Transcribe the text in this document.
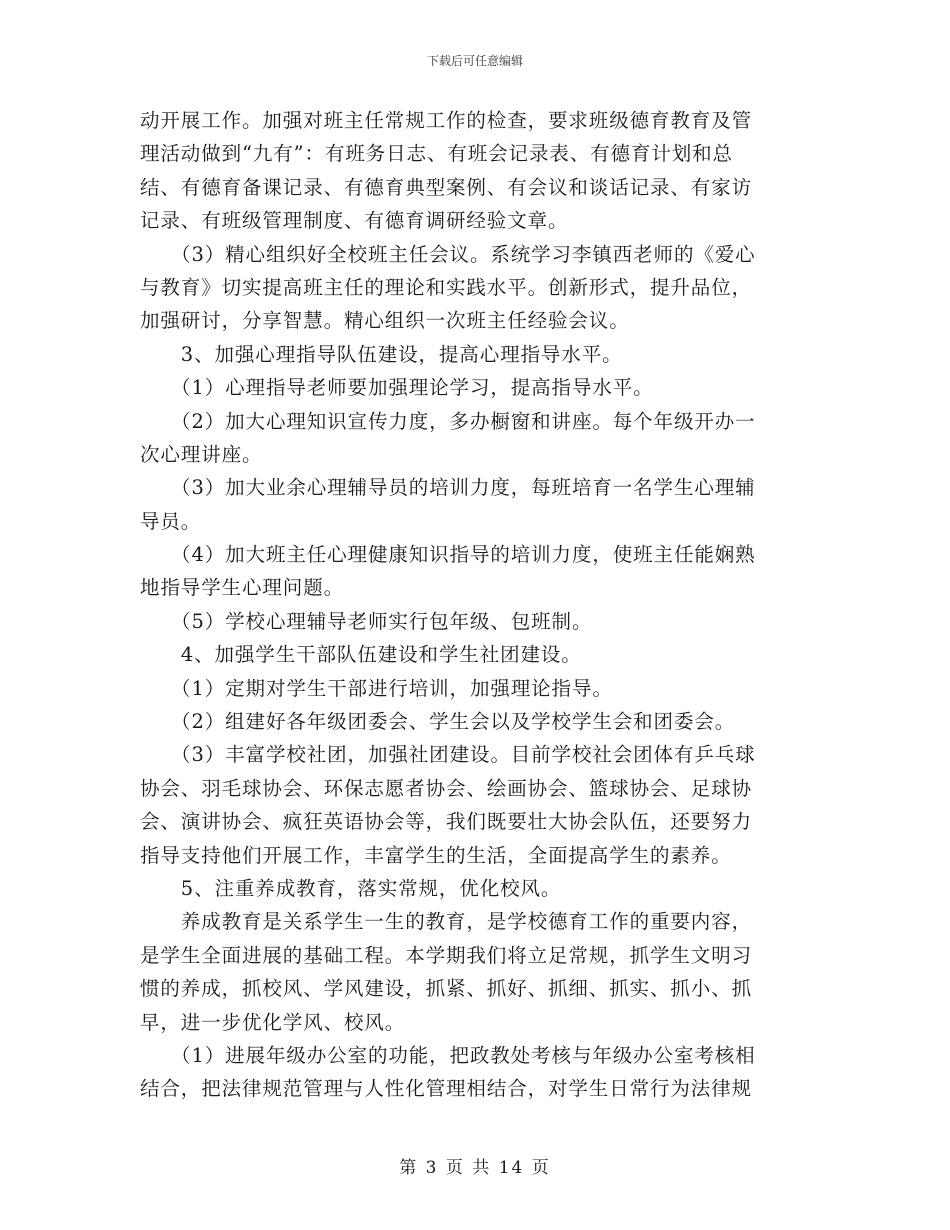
下载后可任意编辑
动开展工作。加强对班主任常规工作的检查，要求班级德育教育及管
理活动做到“九有”：有班务日志、有班会记录表、有德育计划和总
结、有德育备课记录、有德育典型案例、有会议和谈话记录、有家访
记录、有班级管理制度、有德育调研经验文章。
　　（3）精心组织好全校班主任会议。系统学习李镇西老师的《爱心
与教育》切实提高班主任的理论和实践水平。创新形式，提升品位，
加强研讨，分享智慧。精心组织一次班主任经验会议。
　　3、加强心理指导队伍建设，提高心理指导水平。
　　（1）心理指导老师要加强理论学习，提高指导水平。
　　（2）加大心理知识宣传力度，多办橱窗和讲座。每个年级开办一
次心理讲座。
　　（3）加大业余心理辅导员的培训力度，每班培育一名学生心理辅
导员。
　　（4）加大班主任心理健康知识指导的培训力度，使班主任能娴熟
地指导学生心理问题。
　　（5）学校心理辅导老师实行包年级、包班制。
　　4、加强学生干部队伍建设和学生社团建设。
　　（1）定期对学生干部进行培训，加强理论指导。
　　（2）组建好各年级团委会、学生会以及学校学生会和团委会。
　　（3）丰富学校社团，加强社团建设。目前学校社会团体有乒乓球
协会、羽毛球协会、环保志愿者协会、绘画协会、篮球协会、足球协
会、演讲协会、疯狂英语协会等，我们既要壮大协会队伍，还要努力
指导支持他们开展工作，丰富学生的生活，全面提高学生的素养。
　　5、注重养成教育，落实常规，优化校风。
　　养成教育是关系学生一生的教育，是学校德育工作的重要内容，
是学生全面进展的基础工程。本学期我们将立足常规，抓学生文明习
惯的养成，抓校风、学风建设，抓紧、抓好、抓细、抓实、抓小、抓
早，进一步优化学风、校风。
　　（1）进展年级办公室的功能，把政教处考核与年级办公室考核相
结合，把法律规范管理与人性化管理相结合，对学生日常行为法律规
第 3 页 共 14 页
